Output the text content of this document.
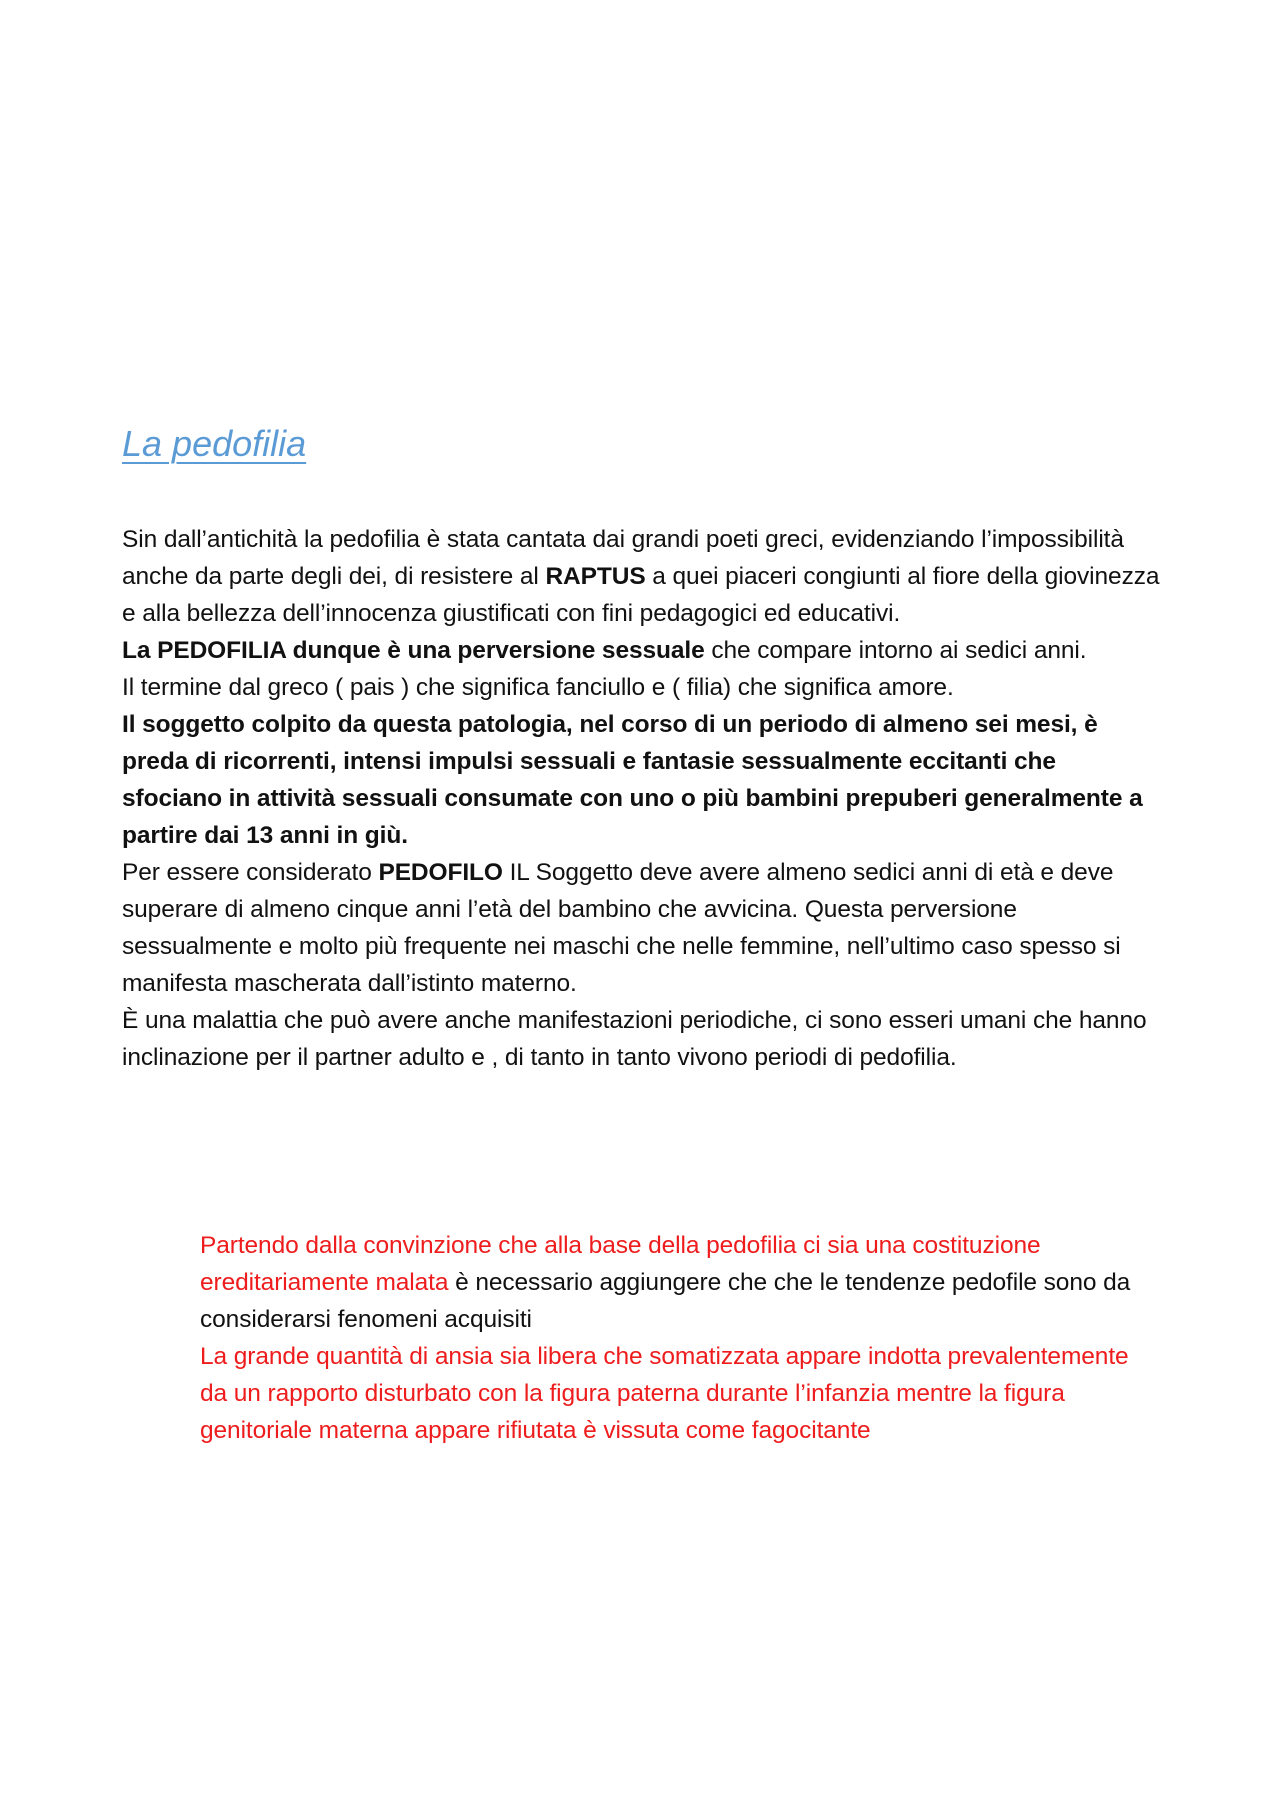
La pedofilia

Sin dall’antichità la pedofilia è stata cantata dai grandi poeti greci, evidenziando l’impossibilità anche da parte degli dei, di resistere al RAPTUS a quei piaceri congiunti al fiore della giovinezza e alla bellezza dell’innocenza giustificati con fini pedagogici ed educativi.

La PEDOFILIA dunque è una perversione sessuale che compare intorno ai sedici anni.

Il termine dal greco ( pais ) che significa fanciullo e ( filia) che significa amore.

Il soggetto colpito da questa patologia, nel corso di un periodo di almeno sei mesi, è preda di ricorrenti, intensi impulsi sessuali e fantasie sessualmente eccitanti che sfociano in attività sessuali consumate con uno o più bambini prepuberi generalmente a partire dai 13 anni in giù.

Per essere considerato PEDOFILO IL Soggetto deve avere almeno sedici anni di età e deve superare di almeno cinque anni l’età del bambino che avvicina. Questa perversione sessualmente e molto più frequente nei maschi che nelle femmine, nell’ultimo caso spesso si manifesta mascherata dall’istinto materno.

È una malattia che può avere anche manifestazioni periodiche, ci sono esseri umani che hanno inclinazione per il partner adulto e , di tanto in tanto vivono periodi di pedofilia.

Partendo dalla convinzione che alla base della pedofilia ci sia una costituzione ereditariamente malata è necessario aggiungere che che le tendenze pedofile sono da considerarsi fenomeni acquisiti

La grande quantità di ansia sia libera che somatizzata appare indotta prevalentemente da un rapporto disturbato con la figura paterna durante l’infanzia mentre la figura genitoriale materna appare rifiutata è vissuta come fagocitante
